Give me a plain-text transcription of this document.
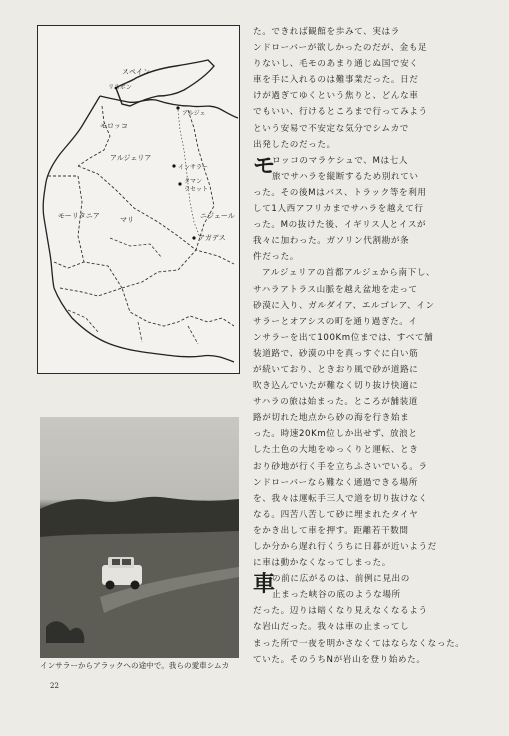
スペイン
リスボン
モロッコ
アルジェ
アルジェリア
インサラー
タマン
ラセット
モーリタニア	マリ	ニジェール
アガデス
インサラーからアラックへの途中で。我らの愛車シムカ
22
た。できれば観館を歩みて、実はラ
ンドローバーが欲しかったのだが、金も足
りないし、毛モのあまり通じぬ国で安く
車を手に入れるのは難事業だった。日だ
けが過ぎてゆくという焦りと、どんな車
でもいい、行けるところまで行ってみよう
という安易で不安定な気分でシムカで
出発したのだった。
モ
ロッコのマラケシュで、Mは七人
旅でサハラを縦断するため別れてい
った。その後Mはバス、トラック等を利用
して1人西アフリカまでサハラを越えて行
った。Mの抜けた後、イギリス人とイスが
我々に加わった。ガソリン代割勘が条
件だった。
アルジェリアの首都アルジェから南下し、
サハラアトラス山脈を越え盆地を走って
砂漠に入り、ガルダイア、エルゴレア、イン
サラーとオアシスの町を通り過ぎた。イ
ンサラーを出て100Km位までは、すべて舗
装道路で、砂漠の中を真っすぐに白い筋
が続いており、ときおり風で砂が道路に
吹き込んでいたが難なく切り抜け快適に
サハラの旅は始まった。ところが舗装道
路が切れた地点から砂の海を行き始ま
った。時速20Km位しか出せず、放浪と
した土色の大地をゆっくりと運転、とき
おり砂地が行く手を立ちふさいでいる。ラ
ンドローバーなら難なく通過できる場所
を、我々は運転手三人で道を切り抜けなく
なる。四苦八苦して砂に埋まれたタイヤ
をかき出して車を押す。距離若干数間
しか分から遅れ行くうちに日暮が近いようだ
に車は動かなくなってしまった。
車
の前に広がるのは、前例に見出の
止まった峡谷の底のような場所
だった。辺りは暗くなり見えなくなるよう
な岩山だった。我々は車の止まってし
まった所で一夜を明かさなくてはならなくなった。
ていた。そのうちNが岩山を登り始めた。
